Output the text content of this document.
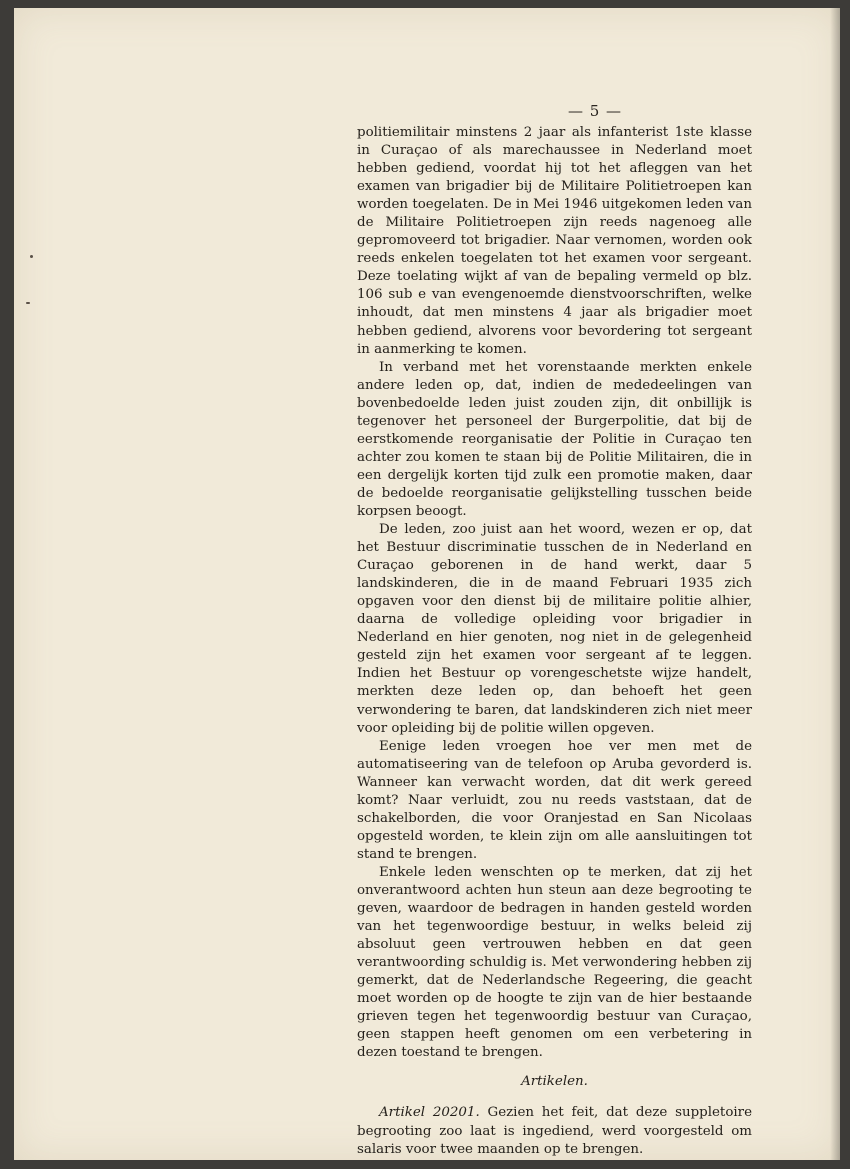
— 5 —

politiemilitair minstens 2 jaar als infanterist 1ste klasse in Curaçao of als marechaussee in Nederland moet hebben gediend, voordat hij tot het afleggen van het examen van brigadier bij de Militaire Politietroepen kan worden toegelaten. De in Mei 1946 uitgekomen leden van de Militaire Politietroepen zijn reeds nagenoeg alle gepromoveerd tot brigadier. Naar vernomen, worden ook reeds enkelen toegelaten tot het examen voor sergeant. Deze toelating wijkt af van de bepaling vermeld op blz. 106 sub e van evengenoemde dienstvoorschriften, welke inhoudt, dat men minstens 4 jaar als brigadier moet hebben gediend, alvorens voor bevordering tot sergeant in aanmerking te komen.

In verband met het vorenstaande merkten enkele andere leden op, dat, indien de mededeelingen van bovenbedoelde leden juist zouden zijn, dit onbillijk is tegenover het personeel der Burgerpolitie, dat bij de eerstkomende reorganisatie der Politie in Curaçao ten achter zou komen te staan bij de Politie Militairen, die in een dergelijk korten tijd zulk een promotie maken, daar de bedoelde reorganisatie gelijkstelling tusschen beide korpsen beoogt.

De leden, zoo juist aan het woord, wezen er op, dat het Bestuur discriminatie tusschen de in Nederland en Curaçao geborenen in de hand werkt, daar 5 landskinderen, die in de maand Februari 1935 zich opgaven voor den dienst bij de militaire politie alhier, daarna de volledige opleiding voor brigadier in Nederland en hier genoten, nog niet in de gelegenheid gesteld zijn het examen voor sergeant af te leggen. Indien het Bestuur op vorengeschetste wijze handelt, merkten deze leden op, dan behoeft het geen verwondering te baren, dat landskinderen zich niet meer voor opleiding bij de politie willen opgeven.

Eenige leden vroegen hoe ver men met de automatiseering van de telefoon op Aruba gevorderd is. Wanneer kan verwacht worden, dat dit werk gereed komt? Naar verluidt, zou nu reeds vaststaan, dat de schakelborden, die voor Oranjestad en San Nicolaas opgesteld worden, te klein zijn om alle aansluitingen tot stand te brengen.

Enkele leden wenschten op te merken, dat zij het onverantwoord achten hun steun aan deze begrooting te geven, waardoor de bedragen in handen gesteld worden van het tegenwoordige bestuur, in welks beleid zij absoluut geen vertrouwen hebben en dat geen verantwoording schuldig is. Met verwondering hebben zij gemerkt, dat de Nederlandsche Regeering, die geacht moet worden op de hoogte te zijn van de hier bestaande grieven tegen het tegenwoordig bestuur van Curaçao, geen stappen heeft genomen om een verbetering in dezen toestand te brengen.

Artikelen.

Artikel 20201. Gezien het feit, dat deze suppletoire begrooting zoo laat is ingediend, werd voorgesteld om salaris voor twee maanden op te brengen.
